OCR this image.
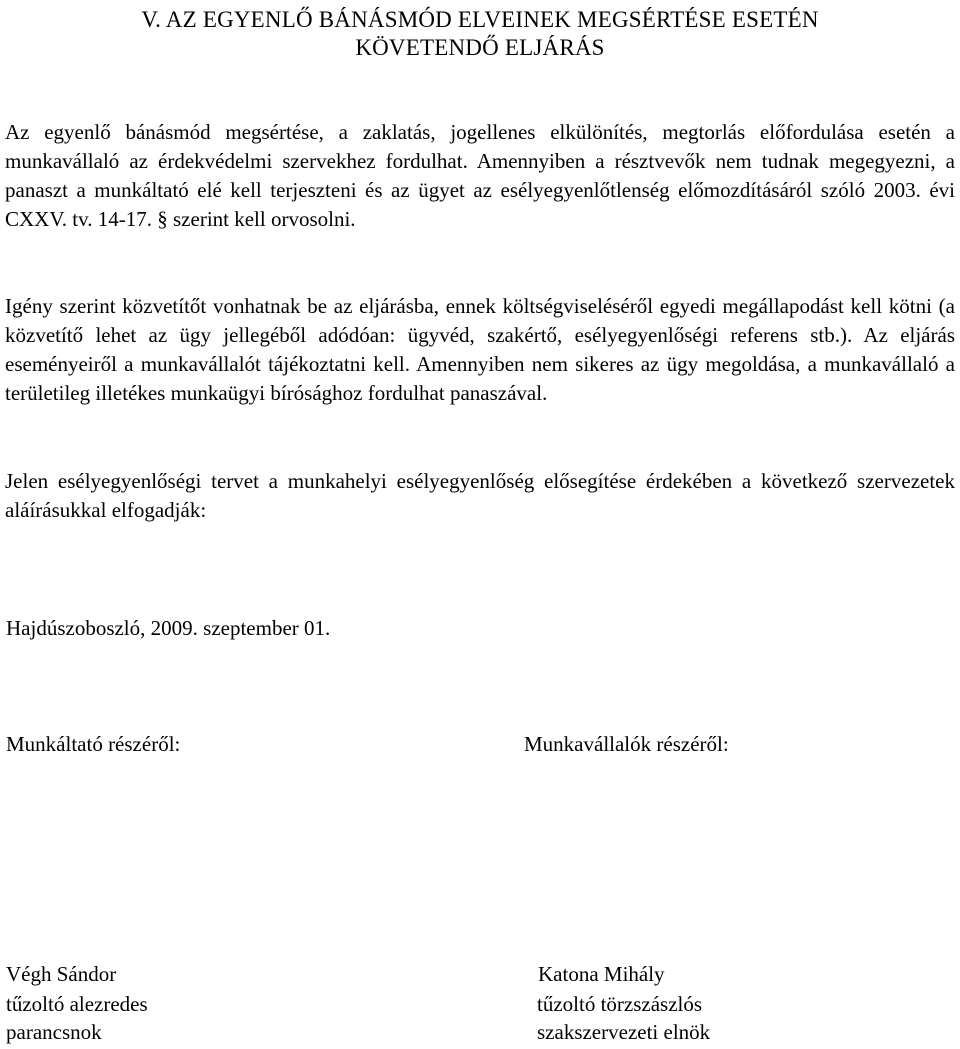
V. AZ EGYENLŐ BÁNÁSMÓD ELVEINEK MEGSÉRTÉSE ESETÉN
KÖVETENDŐ ELJÁRÁS
Az egyenlő bánásmód megsértése, a zaklatás, jogellenes elkülönítés, megtorlás előfordulása esetén a munkavállaló az érdekvédelmi szervekhez fordulhat. Amennyiben a résztvevők nem tudnak megegyezni, a panaszt a munkáltató elé kell terjeszteni és az ügyet az esélyegyenlőtlenség előmozdításáról szóló 2003. évi CXXV. tv. 14-17. § szerint kell orvosolni.
Igény szerint közvetítőt vonhatnak be az eljárásba, ennek költségviseléséről egyedi megállapodást kell kötni (a közvetítő lehet az ügy jellegéből adódóan: ügyvéd, szakértő, esélyegyenlőségi referens stb.). Az eljárás eseményeiről a munkavállalót tájékoztatni kell. Amennyiben nem sikeres az ügy megoldása, a munkavállaló a területileg illetékes munkaügyi bírósághoz fordulhat panaszával.
Jelen esélyegyenlőségi tervet a munkahelyi esélyegyenlőség elősegítése érdekében a következő szervezetek aláírásukkal elfogadják:
Hajdúszoboszló, 2009. szeptember 01.
Munkáltató részéről:	Munkavállalók részéről:
Végh Sándor
tűzoltó alezredes
parancsnok
Katona Mihály
tűzoltó törzszászlós
szakszervezeti elnök
